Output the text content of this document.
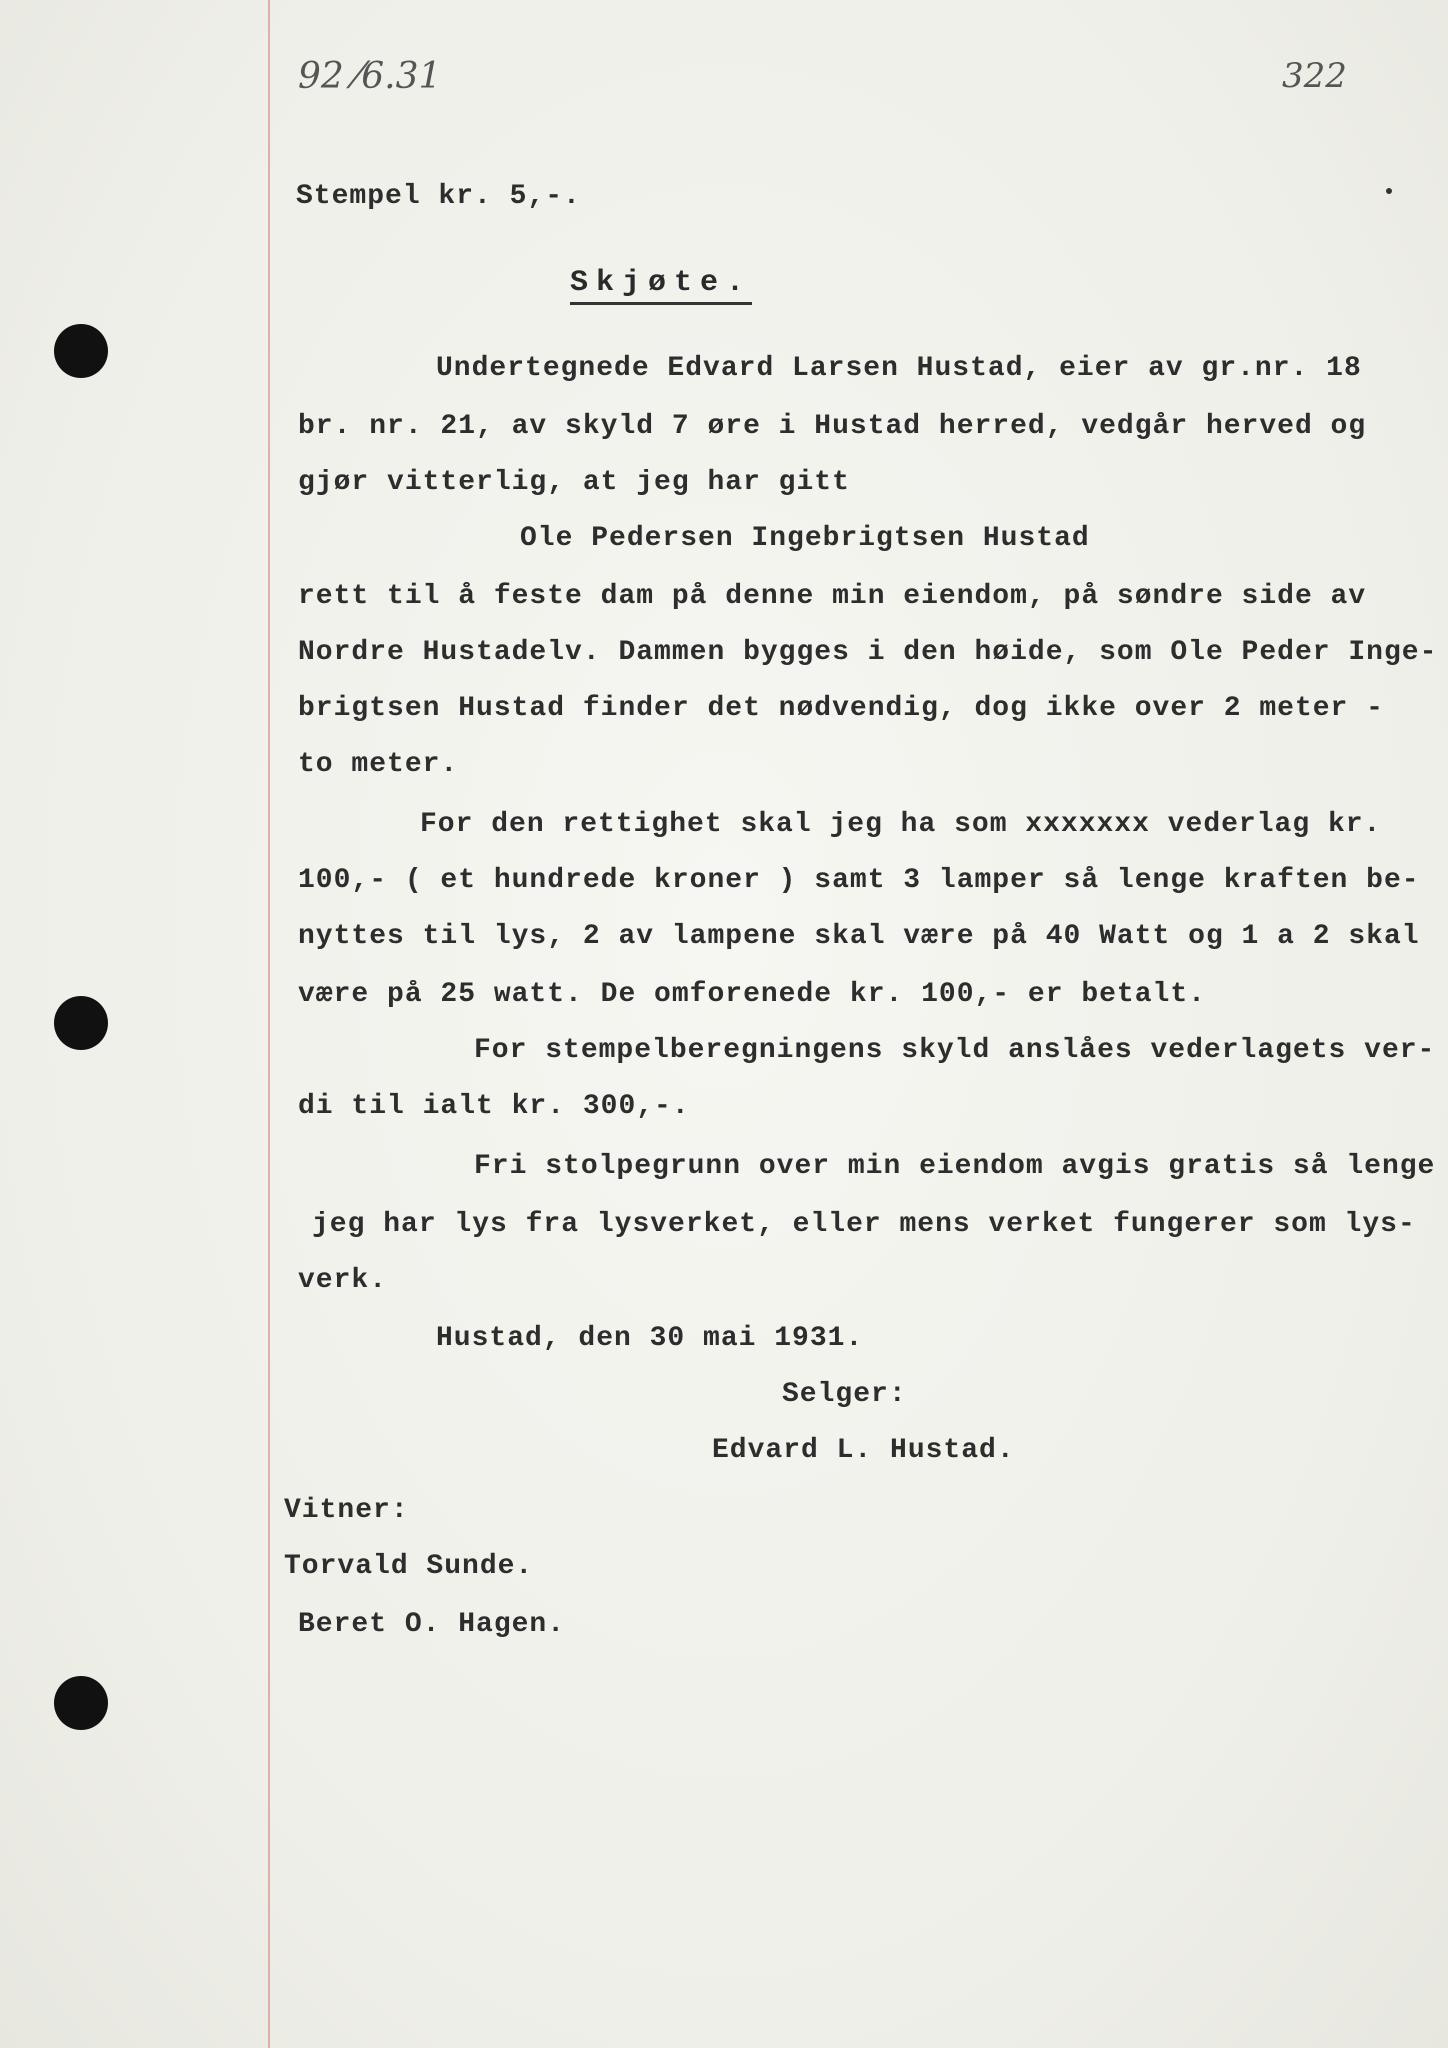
92 ⁄6.31	322
Stempel kr. 5,-.
Skjøte.
Undertegnede Edvard Larsen Hustad, eier av gr.nr. 18
br. nr. 21, av skyld 7 øre i Hustad herred, vedgår herved og
gjør vitterlig, at jeg har gitt
Ole Pedersen Ingebrigtsen Hustad
rett til å feste dam på denne min eiendom, på søndre side av
Nordre Hustadelv. Dammen bygges i den høide, som Ole Peder Inge-
brigtsen Hustad finder det nødvendig, dog ikke over 2 meter -
to meter.
For den rettighet skal jeg ha som xxxxxxx vederlag kr.
100,- ( et hundrede kroner ) samt 3 lamper så lenge kraften be-
nyttes til lys, 2 av lampene skal være på 40 Watt og 1 a 2 skal
være på 25 watt. De omforenede kr. 100,- er betalt.
For stempelberegningens skyld anslåes vederlagets ver-
di til ialt kr. 300,-.
Fri stolpegrunn over min eiendom avgis gratis så lenge
jeg har lys fra lysverket, eller mens verket fungerer som lys-
verk.
Hustad, den 30 mai 1931.
Selger:
Edvard L. Hustad.
Vitner:
Torvald Sunde.
Beret O. Hagen.
